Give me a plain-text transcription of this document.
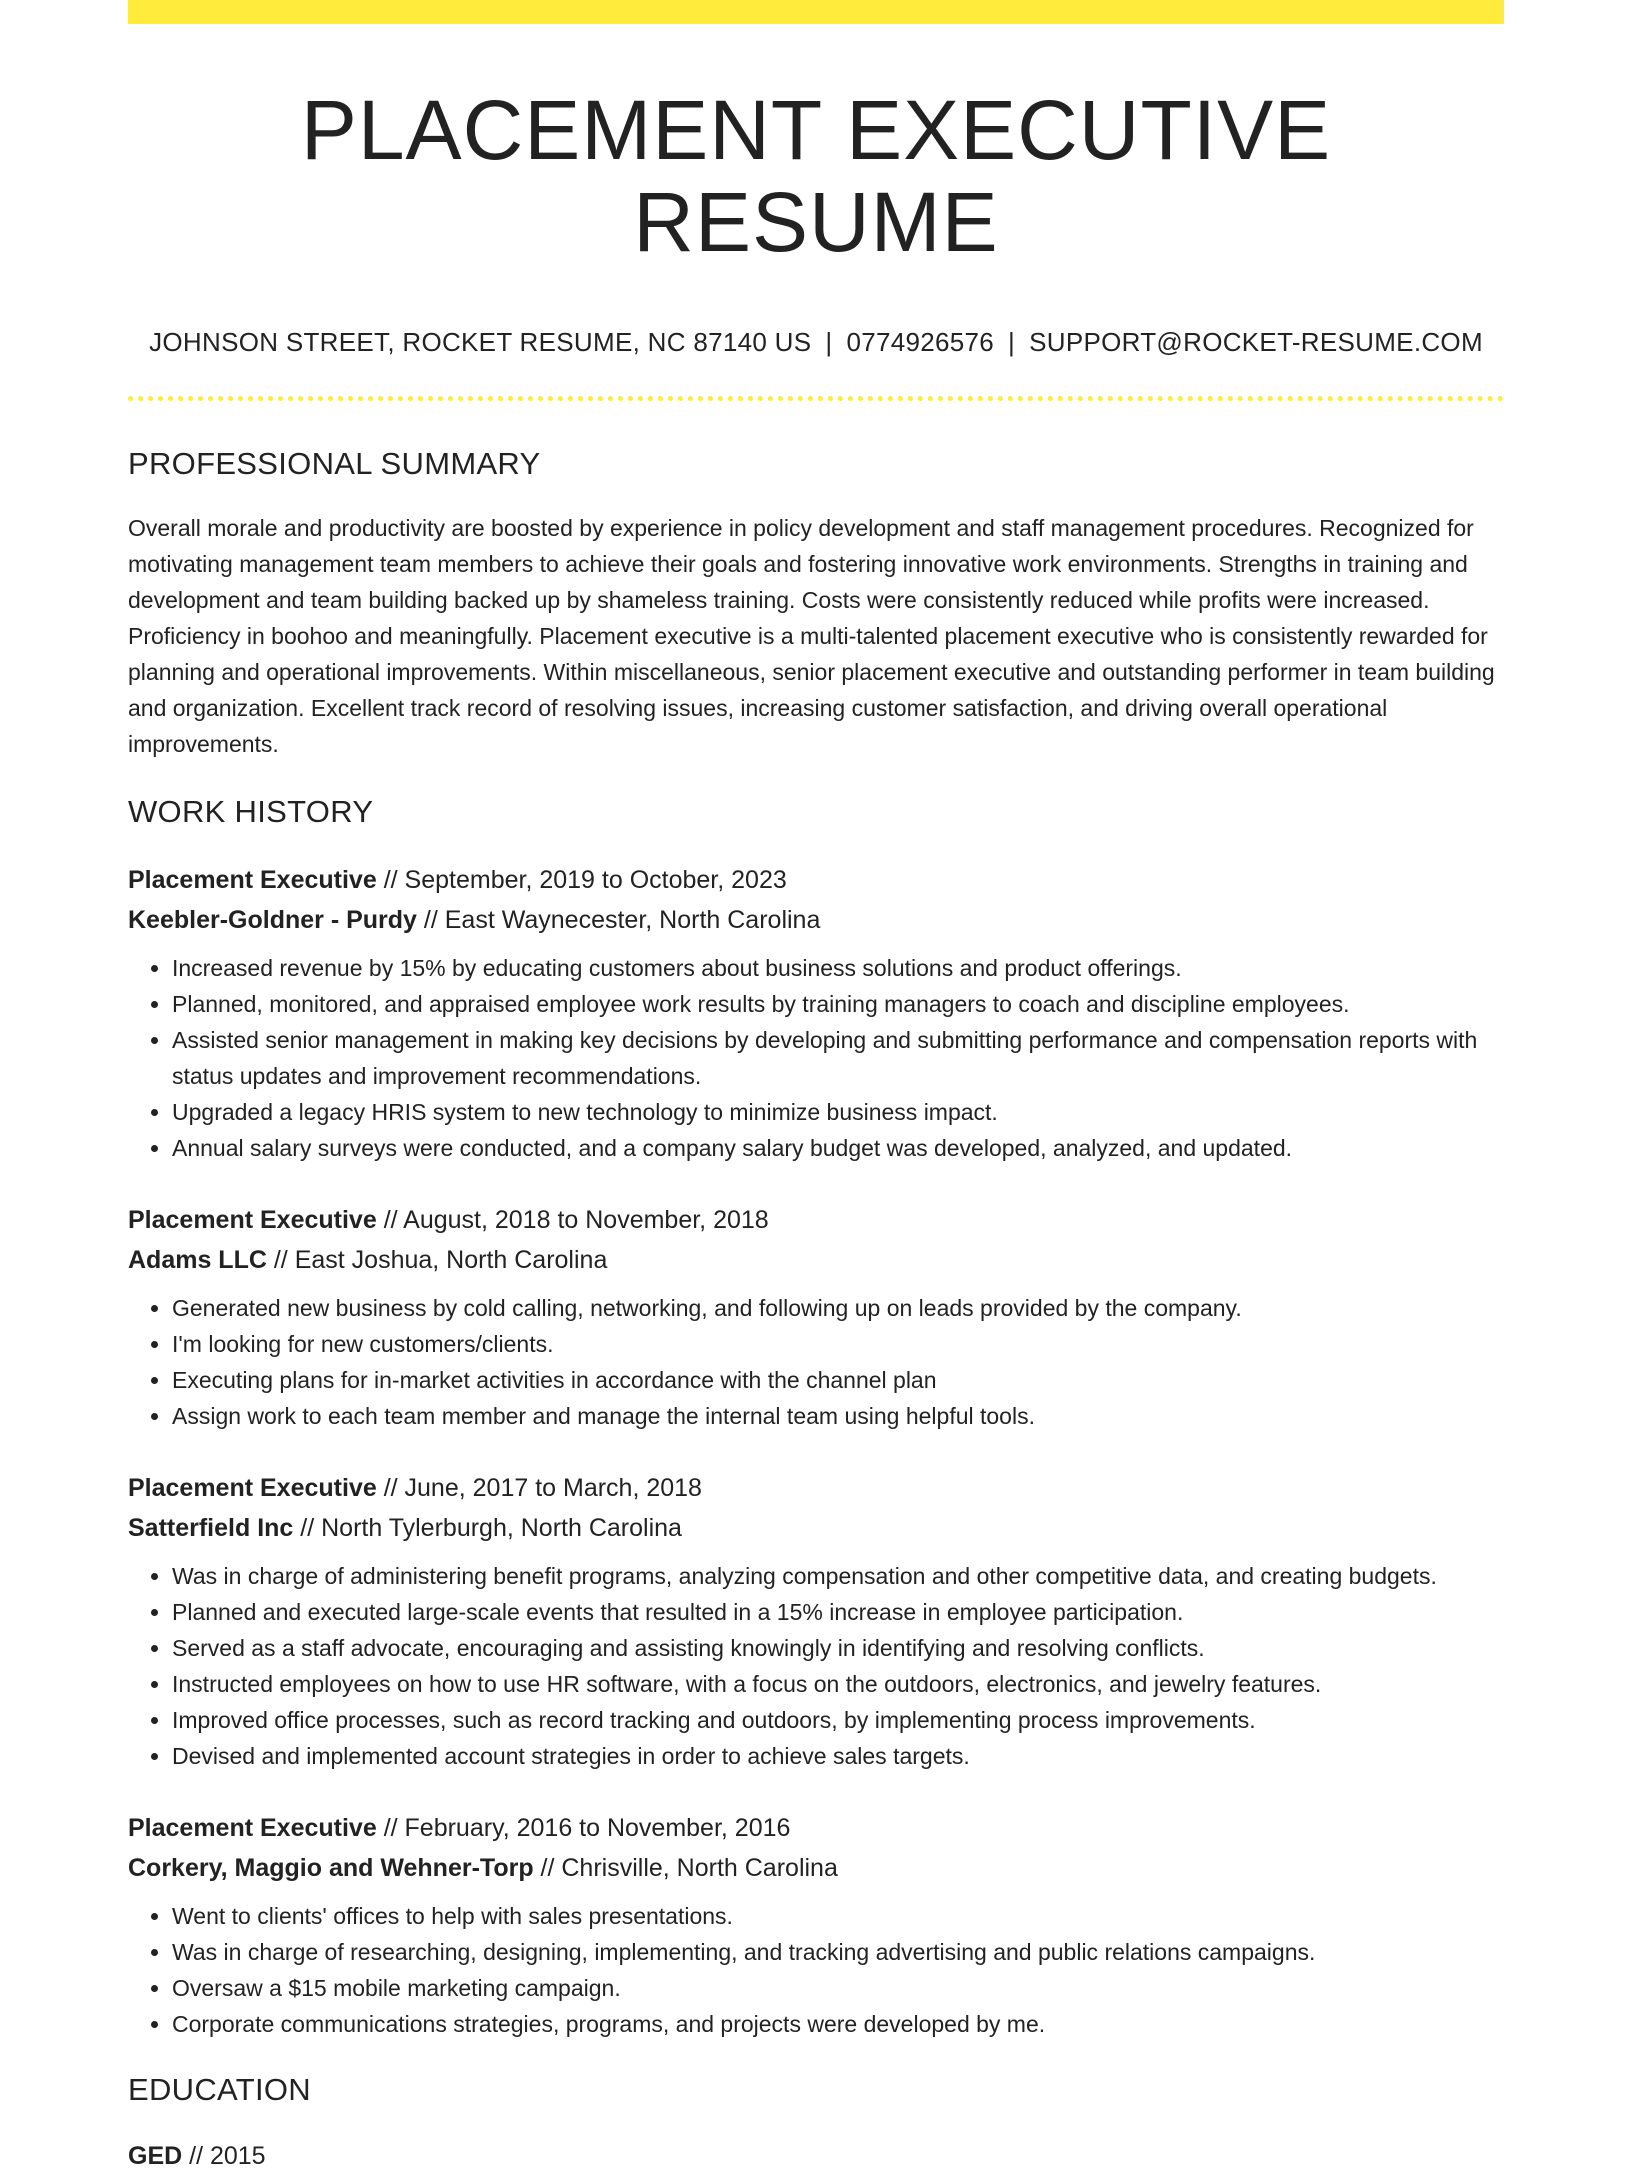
PLACEMENT EXECUTIVE RESUME
JOHNSON STREET, ROCKET RESUME, NC 87140 US | 0774926576 | SUPPORT@ROCKET-RESUME.COM
PROFESSIONAL SUMMARY

Overall morale and productivity are boosted by experience in policy development and staff management procedures. Recognized for motivating management team members to achieve their goals and fostering innovative work environments. Strengths in training and development and team building backed up by shameless training. Costs were consistently reduced while profits were increased. Proficiency in boohoo and meaningfully. Placement executive is a multi-talented placement executive who is consistently rewarded for planning and operational improvements. Within miscellaneous, senior placement executive and outstanding performer in team building and organization. Excellent track record of resolving issues, increasing customer satisfaction, and driving overall operational improvements.

WORK HISTORY
Placement Executive // September, 2019 to October, 2023
Keebler-Goldner - Purdy // East Waynecester, North Carolina
• Increased revenue by 15% by educating customers about business solutions and product offerings.
• Planned, monitored, and appraised employee work results by training managers to coach and discipline employees.
• Assisted senior management in making key decisions by developing and submitting performance and compensation reports with status updates and improvement recommendations.
• Upgraded a legacy HRIS system to new technology to minimize business impact.
• Annual salary surveys were conducted, and a company salary budget was developed, analyzed, and updated.
Placement Executive // August, 2018 to November, 2018
Adams LLC // East Joshua, North Carolina
• Generated new business by cold calling, networking, and following up on leads provided by the company.
• I'm looking for new customers/clients.
• Executing plans for in-market activities in accordance with the channel plan
• Assign work to each team member and manage the internal team using helpful tools.
Placement Executive // June, 2017 to March, 2018
Satterfield Inc // North Tylerburgh, North Carolina
• Was in charge of administering benefit programs, analyzing compensation and other competitive data, and creating budgets.
• Planned and executed large-scale events that resulted in a 15% increase in employee participation.
• Served as a staff advocate, encouraging and assisting knowingly in identifying and resolving conflicts.
• Instructed employees on how to use HR software, with a focus on the outdoors, electronics, and jewelry features.
• Improved office processes, such as record tracking and outdoors, by implementing process improvements.
• Devised and implemented account strategies in order to achieve sales targets.
Placement Executive // February, 2016 to November, 2016
Corkery, Maggio and Wehner-Torp // Chrisville, North Carolina
• Went to clients' offices to help with sales presentations.
• Was in charge of researching, designing, implementing, and tracking advertising and public relations campaigns.
• Oversaw a $15 mobile marketing campaign.
• Corporate communications strategies, programs, and projects were developed by me.
EDUCATION
GED // 2015
